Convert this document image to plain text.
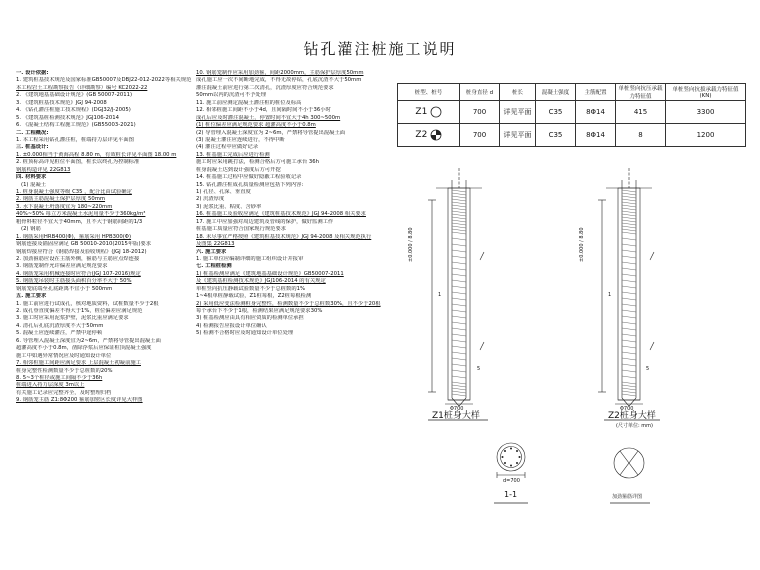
钻孔灌注桩施工说明
一. 设计依据:
1. 建筑桩基技术规范及国家标准GB50007及DBJ22-012-2022等相关规范
本工程岩土工程勘察报告（详细勘察）编号 KC2022-22
2. 《建筑地基基础设计规范》(GB 50007-2011)
3. 《建筑桩基技术规范》JGJ 94-2008
4. 《钻孔灌注桩施工技术规程》(DGJ32/J-2005)
5. 《建筑基桩检测技术规范》JGJ106-2014
6. 《混凝土结构工程施工规范》(GB55003-2021)
二. 工程概况:
1. 本工程采用钻孔灌注桩，桩端持力层详见平面图
三. 桩基设计:
1. ±0.000相当于黄海高程 8.80 m，有效桩长详见平面图 18.00 m
2. 桩顶标高详见桩位平面图，桩长以终孔为控制标准
钢筋构造详见 22G813
四. 材料要求
(1) 混凝土
1. 桩身混凝土强度等级 C35 ，配合比由试验确定
2. 钢筋主筋混凝土保护层厚度 50mm
3. 水下混凝土坍落度宜为 180~220mm
40%~50% 每立方米混凝土水泥用量不少于360kg/m³
粗骨料粒径不宜大于40mm，且不大于钢筋间距的1/3
(2) 钢筋
1. 钢筋采用HRB400(Φ)，箍筋采用 HPB300(Φ)
钢筋连接及锚固应满足 GB 50010-2010(2015年版)要求
钢筋焊接应符合《钢筋焊接及验收规程》(JGJ 18-2012)
2. 加劲箍筋应设在主筋外侧，箍筋与主筋应点焊连接
3. 钢筋笼制作允许偏差应满足规范要求
4. 钢筋笼采用机械连接时应符合(JGJ 107-2016)规定
5. 钢筋笼吊装时主筋接头面积百分率不大于 50%
钢筋笼底端至孔底距离不宜小于 500mm
五. 施工要求
1. 施工前应进行试成孔，核对地质资料，试桩数量不少于2根
2. 成孔垂直度偏差不得大于1%，桩位偏差应满足规范
3. 施工时应采用泥浆护壁，泥浆比重应满足要求
4. 清孔后孔底沉渣厚度不大于50mm
5. 混凝土应连续灌注，严禁中途停顿
6. 导管埋入混凝土深度宜为2~6m，严禁将导管提出混凝土面
超灌高度不小于0.8m，凿除浮浆后应保证桩顶混凝土强度
施工中如遇异常情况应及时通知设计单位
7. 相邻桩施工间距应满足要求 上层混凝土初凝前施工
桩身完整性检测数量不少于总桩数的20%
8. 5~3个桩径或施工间隔不少于36h
桩端进入持力层深度 3m以上
有关施工记录应完整齐全，及时整理归档
9. 钢筋笼主筋 Z1:8Φ200 箍筋加密区长度详见大样图
10. 钢筋笼制作应采用加劲箍，间距2000mm，主筋保护层厚度50mm
成孔施工应一次不间断地完成，不得无故停钻，孔底沉渣不大于50mm
灌注混凝土前应进行第二次清孔，沉渣厚度应符合规范要求
50mm以内的沉渣可不予处理
11. 施工前应测定混凝土灌注桩的桩位及标高
12. 相邻桩施工间距不小于4d，且间隔时间不小于36小时
成孔后应及时灌注混凝土，停置时间不宜大于4h 300~500m
(1) 桩位偏差应满足规范要求 超灌高度不小于0.8m
(2) 导管埋入混凝土深度宜为 2~6m，严禁将导管提出混凝土面
(3) 混凝土灌注应连续进行，不得中断
(4) 灌注过程中应做好记录
13. 桩基施工完成后应进行检测
施工时应采用跳打法，检测合格后方可施工承台 36h
桩身混凝土达到设计强度后方可开挖
14. 桩基施工过程中应做好隐蔽工程验收记录
15. 钻孔灌注桩成孔质量检测应包括下列内容:
1) 孔径、孔深、垂直度
2) 沉渣厚度
3) 泥浆比重、粘度、含砂率
16. 桩基施工及验收应满足《建筑桩基技术规范》JGJ 94-2008 相关要求
17. 施工中应加强对周边建筑及管线的保护，做好监测工作
桩基施工质量应符合国家现行规范要求
18. 未尽事宜严格按照《建筑桩基技术规范》JGJ 94-2008 及相关规范执行
及图集 22G813
六. 施工要求
1. 施工单位应编制详细的施工组织设计并报审
七. 工程桩检测
1) 桩基检测应满足《建筑地基基础设计规范》GB50007-2011
及《建筑基桩检测技术规范》JGJ106-2014 的有关规定
单桩竖向抗压静载试验数量不少于总桩数的1%
1~4根单桩静载试验，Z1桩每根，Z2桩每根检测
2) 采用低应变法检测桩身完整性，检测数量不少于总桩数30%，且不少于20根
每个承台下不少于1根，检测结果应满足规范要求30%
3) 桩基检测应由具有相应资质的检测单位承担
4) 检测报告应报设计单位确认
5) 检测不合格时应及时通知设计单位处理
桩型、桩号	桩身直径 d	桩长	混凝土强度	主筋配置	单桩竖向抗压承载力特征值	单桩竖向抗拔承载力特征值 (KN)
Z1	700	详见平面	C35	8Φ14	415	3300
Z2	700	详见平面	C35	8Φ14	8	1200
±0.000 / 8.80	±0.000 / 8.80
1	1
5	5
Φ700	Φ700
Z1桩身大样	Z2桩身大样
(尺寸单位: mm)
d=700
1-1	加劲箍筋详图
